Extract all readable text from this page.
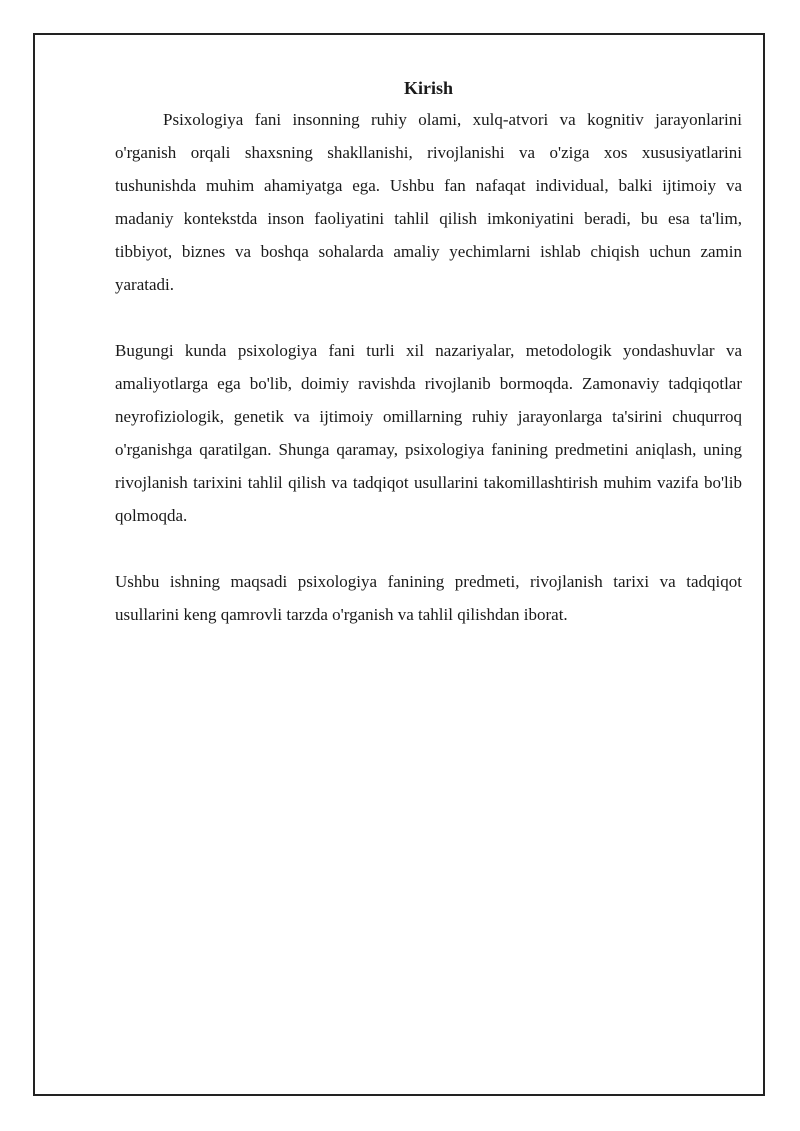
Kirish

Psixologiya fani insonning ruhiy olami, xulq-atvori va kognitiv jarayonlarini o'rganish orqali shaxsning shakllanishi, rivojlanishi va o'ziga xos xususiyatlarini tushunishda muhim ahamiyatga ega. Ushbu fan nafaqat individual, balki ijtimoiy va madaniy kontekstda inson faoliyatini tahlil qilish imkoniyatini beradi, bu esa ta'lim, tibbiyot, biznes va boshqa sohalarda amaliy yechimlarni ishlab chiqish uchun zamin yaratadi.

Bugungi kunda psixologiya fani turli xil nazariyalar, metodologik yondashuvlar va amaliyotlarga ega bo'lib, doimiy ravishda rivojlanib bormoqda. Zamonaviy tadqiqotlar neyrofiziologik, genetik va ijtimoiy omillarning ruhiy jarayonlarga ta'sirini chuqurroq o'rganishga qaratilgan. Shunga qaramay, psixologiya fanining predmetini aniqlash, uning rivojlanish tarixini tahlil qilish va tadqiqot usullarini takomillashtirish muhim vazifa bo'lib qolmoqda.

Ushbu ishning maqsadi psixologiya fanining predmeti, rivojlanish tarixi va tadqiqot usullarini keng qamrovli tarzda o'rganish va tahlil qilishdan iborat.
